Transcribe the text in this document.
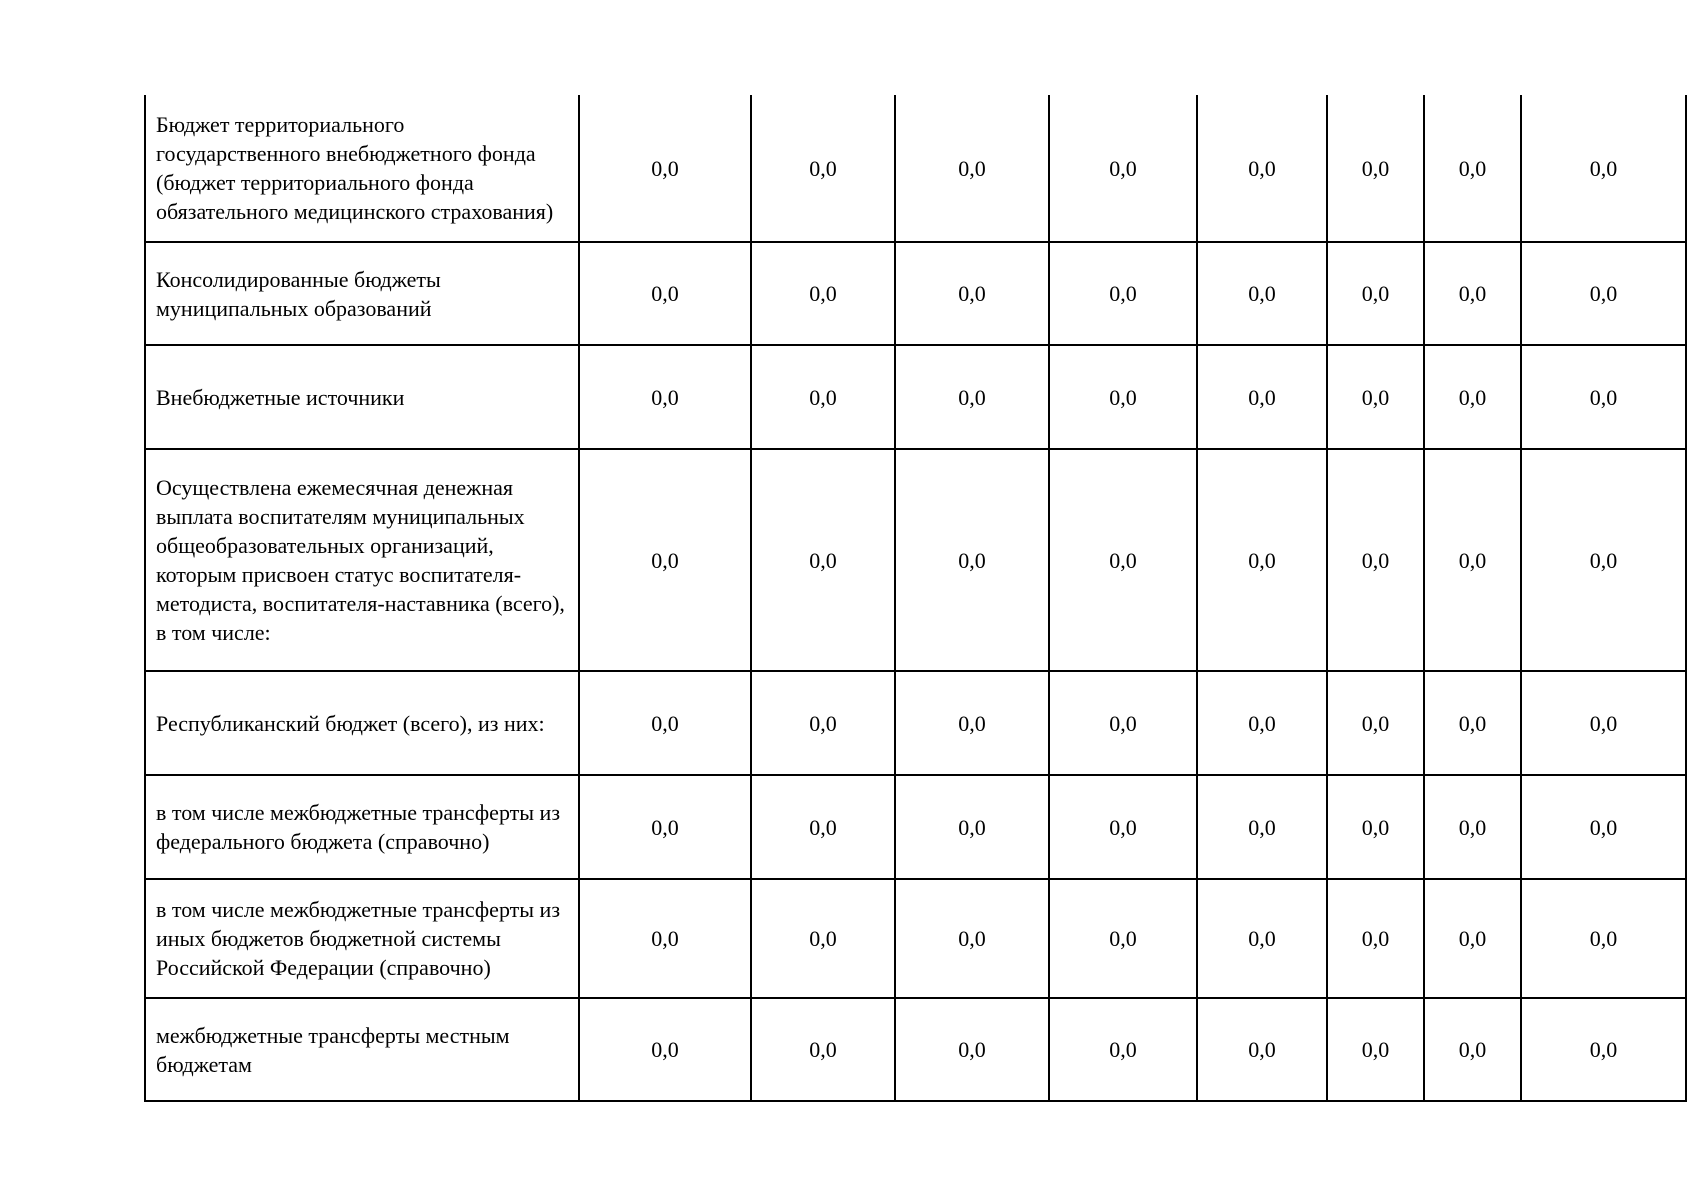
Бюджет территориального государственного внебюджетного фонда (бюджет территориального фонда обязательного медицинского страхования)	0,0	0,0	0,0	0,0	0,0	0,0	0,0	0,0
Консолидированные бюджеты муниципальных образований	0,0	0,0	0,0	0,0	0,0	0,0	0,0	0,0
Внебюджетные источники	0,0	0,0	0,0	0,0	0,0	0,0	0,0	0,0
Осуществлена ежемесячная денежная выплата воспитателям муниципальных общеобразовательных организаций, которым присвоен статус воспитателя-методиста, воспитателя-наставника (всего), в том числе:	0,0	0,0	0,0	0,0	0,0	0,0	0,0	0,0
Республиканский бюджет (всего), из них:	0,0	0,0	0,0	0,0	0,0	0,0	0,0	0,0
в том числе межбюджетные трансферты из федерального бюджета (справочно)	0,0	0,0	0,0	0,0	0,0	0,0	0,0	0,0
в том числе межбюджетные трансферты из иных бюджетов бюджетной системы Российской Федерации (справочно)	0,0	0,0	0,0	0,0	0,0	0,0	0,0	0,0
межбюджетные трансферты местным бюджетам	0,0	0,0	0,0	0,0	0,0	0,0	0,0	0,0
